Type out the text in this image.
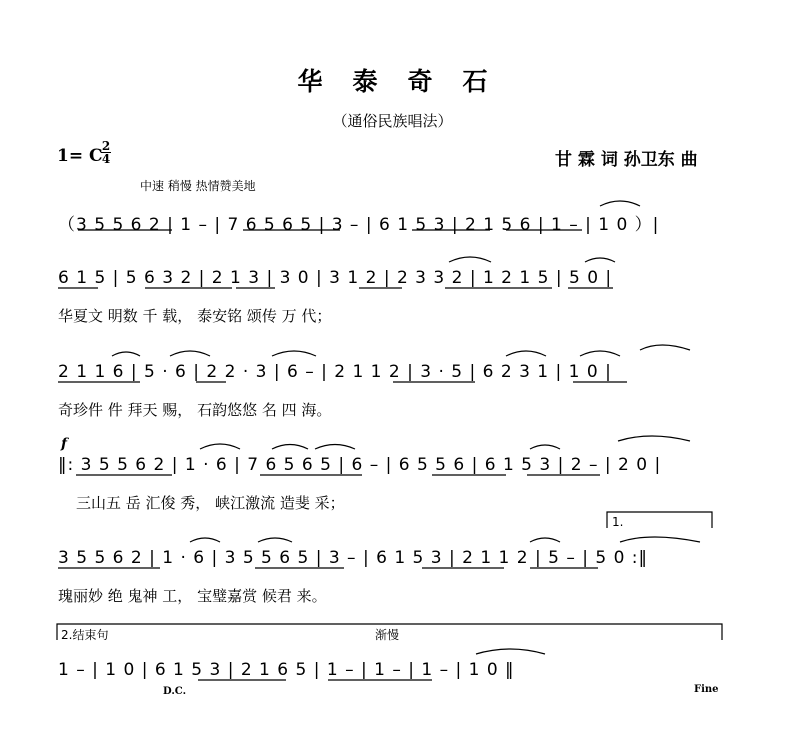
华泰奇石
（通俗民族唱法）
1= C 2
4	甘 霖 词 孙卫东 曲
中速 稍慢 热情赞美地
（3 5 5 6 2 | 1 – | 7 6 5 6 5 | 3 – | 6 1 5 3 | 2 1 5 6 | 1 – | 1 0 ）|
6 1 5 | 5 6 3 2 | 2 1 3 | 3 0 | 3 1 2 | 2 3 3 2 | 1 2 1 5 | 5 0 |
华夏文 明数 千 载， 泰安铭 颂传 万 代；
2 1 1 6 | 5 · 6 | 2 2 · 3 | 6 – | 2 1 1 2 | 3 · 5 | 6 2 3 1 | 1 0 |
奇珍件 件 拜天 赐， 石韵悠悠 名 四 海。
f
‖: 3 5 5 6 2 | 1 · 6 | 7 6 5 6 5 | 6 – | 6 5 5 6 | 6 1 5 3 | 2 – | 2 0 |
三山五 岳 汇俊 秀， 峡江激流 造斐 采；
1.
3 5 5 6 2 | 1 · 6 | 3 5 5 6 5 | 3 – | 6 1 5 3 | 2 1 1 2 | 5 – | 5 0 :‖
瑰丽妙 绝 鬼神 工， 宝璧嘉赏 候君 来。
2.结束句	渐慢
1 – | 1 0 | 6 1 5 3 | 2 1 6 5 | 1 – | 1 – | 1 – | 1 0 ‖
D.C.	Fine
